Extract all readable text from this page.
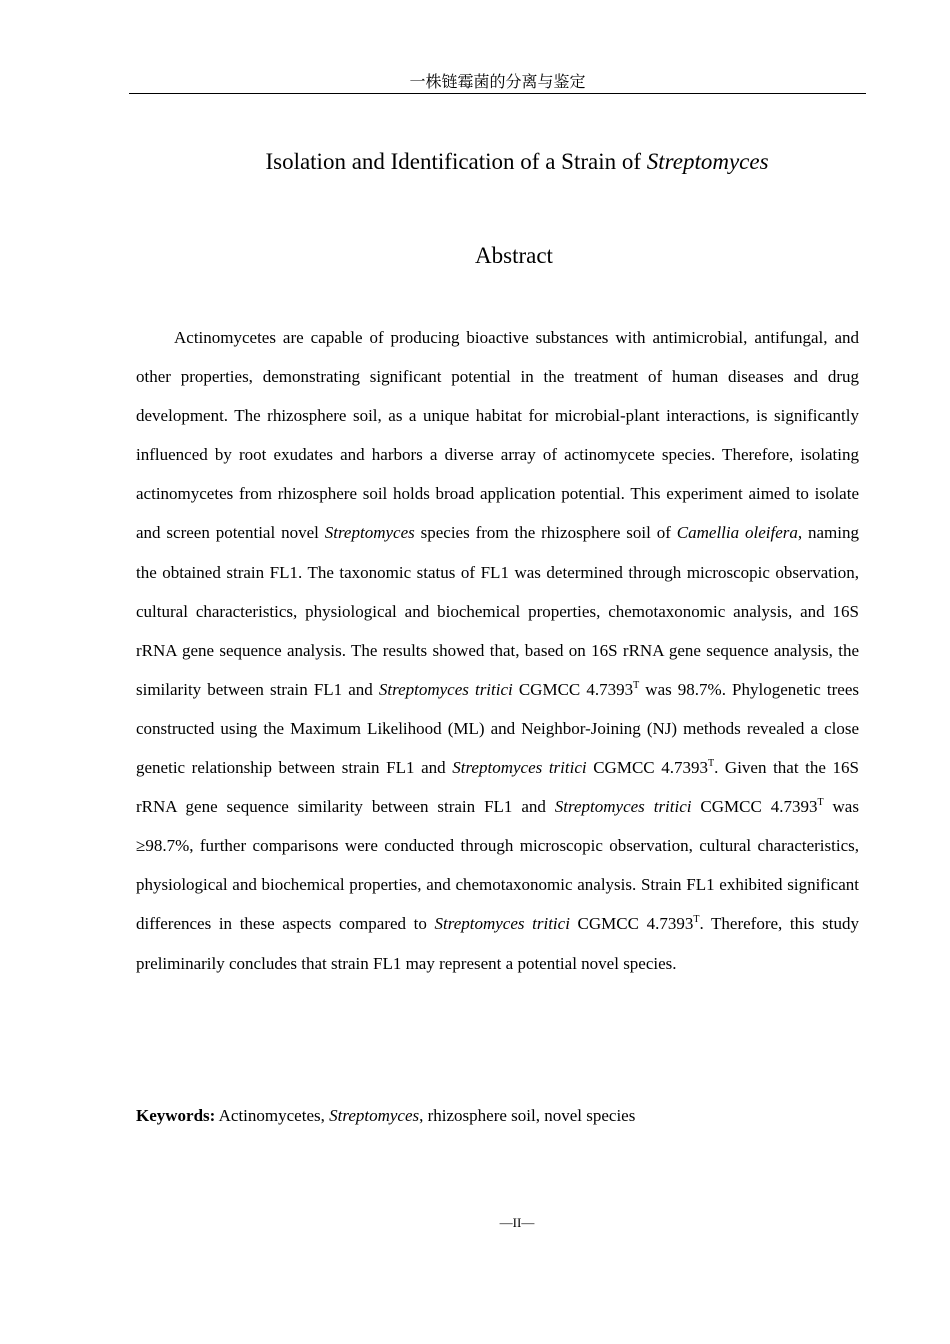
一株链霉菌的分离与鉴定
Isolation and Identification of a Strain of Streptomyces
Abstract

Actinomycetes are capable of producing bioactive substances with antimicrobial, antifungal, and other properties, demonstrating significant potential in the treatment of human diseases and drug development. The rhizosphere soil, as a unique habitat for microbial-plant interactions, is significantly influenced by root exudates and harbors a diverse array of actinomycete species. Therefore, isolating actinomycetes from rhizosphere soil holds broad application potential. This experiment aimed to isolate and screen potential novel Streptomyces species from the rhizosphere soil of Camellia oleifera, naming the obtained strain FL1. The taxonomic status of FL1 was determined through microscopic observation, cultural characteristics, physiological and biochemical properties, chemotaxonomic analysis, and 16S rRNA gene sequence analysis. The results showed that, based on 16S rRNA gene sequence analysis, the similarity between strain FL1 and Streptomyces tritici CGMCC $4.7393^T$ was 98.7%. Phylogenetic trees constructed using the Maximum Likelihood (ML) and Neighbor-Joining (NJ) methods revealed a close genetic relationship between strain FL1 and Streptomyces tritici CGMCC $4.7393^T$. Given that the 16S rRNA gene sequence similarity between strain FL1 and Streptomyces tritici CGMCC $4.7393^T$ was ≥98.7%, further comparisons were conducted through microscopic observation, cultural characteristics, physiological and biochemical properties, and chemotaxonomic analysis. Strain FL1 exhibited significant differences in these aspects compared to Streptomyces tritici CGMCC $4.7393^T$. Therefore, this study preliminarily concludes that strain FL1 may represent a potential novel species.

Keywords: Actinomycetes, Streptomyces, rhizosphere soil, novel species

—II—
